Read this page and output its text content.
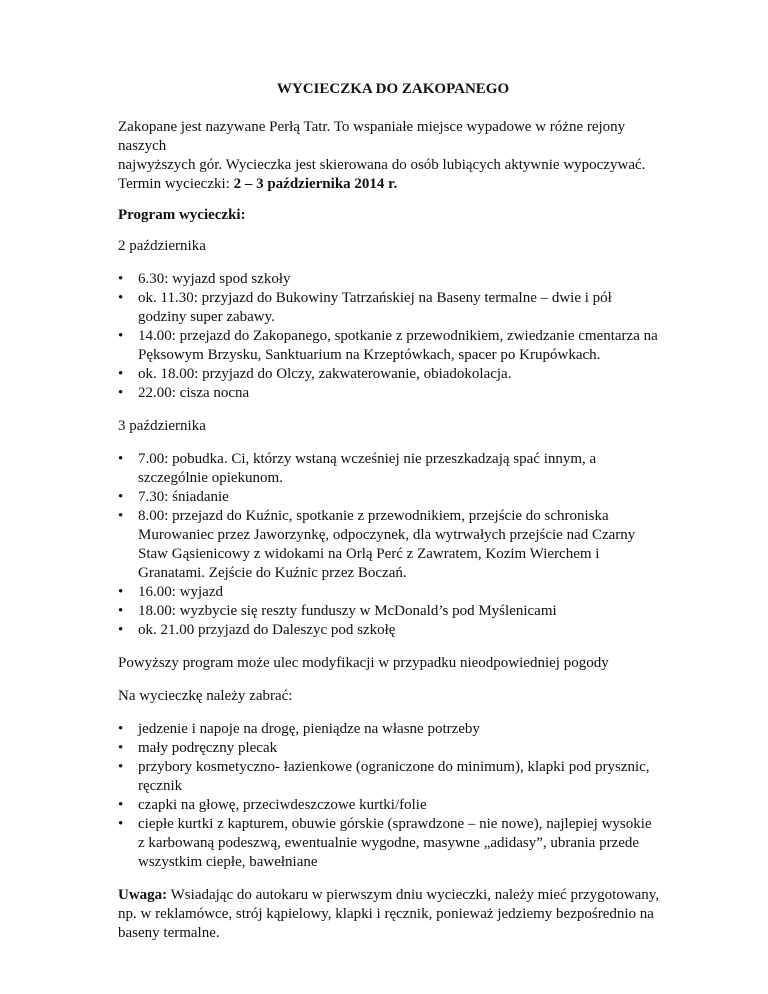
WYCIECZKA DO ZAKOPANEGO

Zakopane jest nazywane Perłą Tatr. To wspaniałe miejsce wypadowe w różne rejony naszych
najwyższych gór. Wycieczka jest skierowana do osób lubiących aktywnie wypoczywać.
Termin wycieczki: 2 – 3 października 2014 r.

Program wycieczki:

2 października

• 6.30: wyjazd spod szkoły
• ok. 11.30: przyjazd do Bukowiny Tatrzańskiej na Baseny termalne – dwie i pół
godziny super zabawy.
• 14.00: przejazd do Zakopanego, spotkanie z przewodnikiem, zwiedzanie cmentarza na
Pęksowym Brzysku, Sanktuarium na Krzeptówkach, spacer po Krupówkach.
• ok. 18.00: przyjazd do Olczy, zakwaterowanie, obiadokolacja.
• 22.00: cisza nocna

3 października

• 7.00: pobudka. Ci, którzy wstaną wcześniej nie przeszkadzają spać innym, a
szczególnie opiekunom.
• 7.30: śniadanie
• 8.00: przejazd do Kuźnic, spotkanie z przewodnikiem, przejście do schroniska
Murowaniec przez Jaworzynkę, odpoczynek, dla wytrwałych przejście nad Czarny
Staw Gąsienicowy z widokami na Orlą Perć z Zawratem, Kozim Wierchem i
Granatami. Zejście do Kuźnic przez Boczań.
• 16.00: wyjazd
• 18.00: wyzbycie się reszty funduszy w McDonald’s pod Myślenicami
• ok. 21.00 przyjazd do Daleszyc pod szkołę

Powyższy program może ulec modyfikacji w przypadku nieodpowiedniej pogody

Na wycieczkę należy zabrać:

• jedzenie i napoje na drogę, pieniądze na własne potrzeby
• mały podręczny plecak
• przybory kosmetyczno- łazienkowe (ograniczone do minimum), klapki pod prysznic,
ręcznik
• czapki na głowę, przeciwdeszczowe kurtki/folie
• ciepłe kurtki z kapturem, obuwie górskie (sprawdzone – nie nowe), najlepiej wysokie
z karbowaną podeszwą, ewentualnie wygodne, masywne „adidasy”, ubrania przede
wszystkim ciepłe, bawełniane

Uwaga: Wsiadając do autokaru w pierwszym dniu wycieczki, należy mieć przygotowany,
np. w reklamówce, strój kąpielowy, klapki i ręcznik, ponieważ jedziemy bezpośrednio na
baseny termalne.
